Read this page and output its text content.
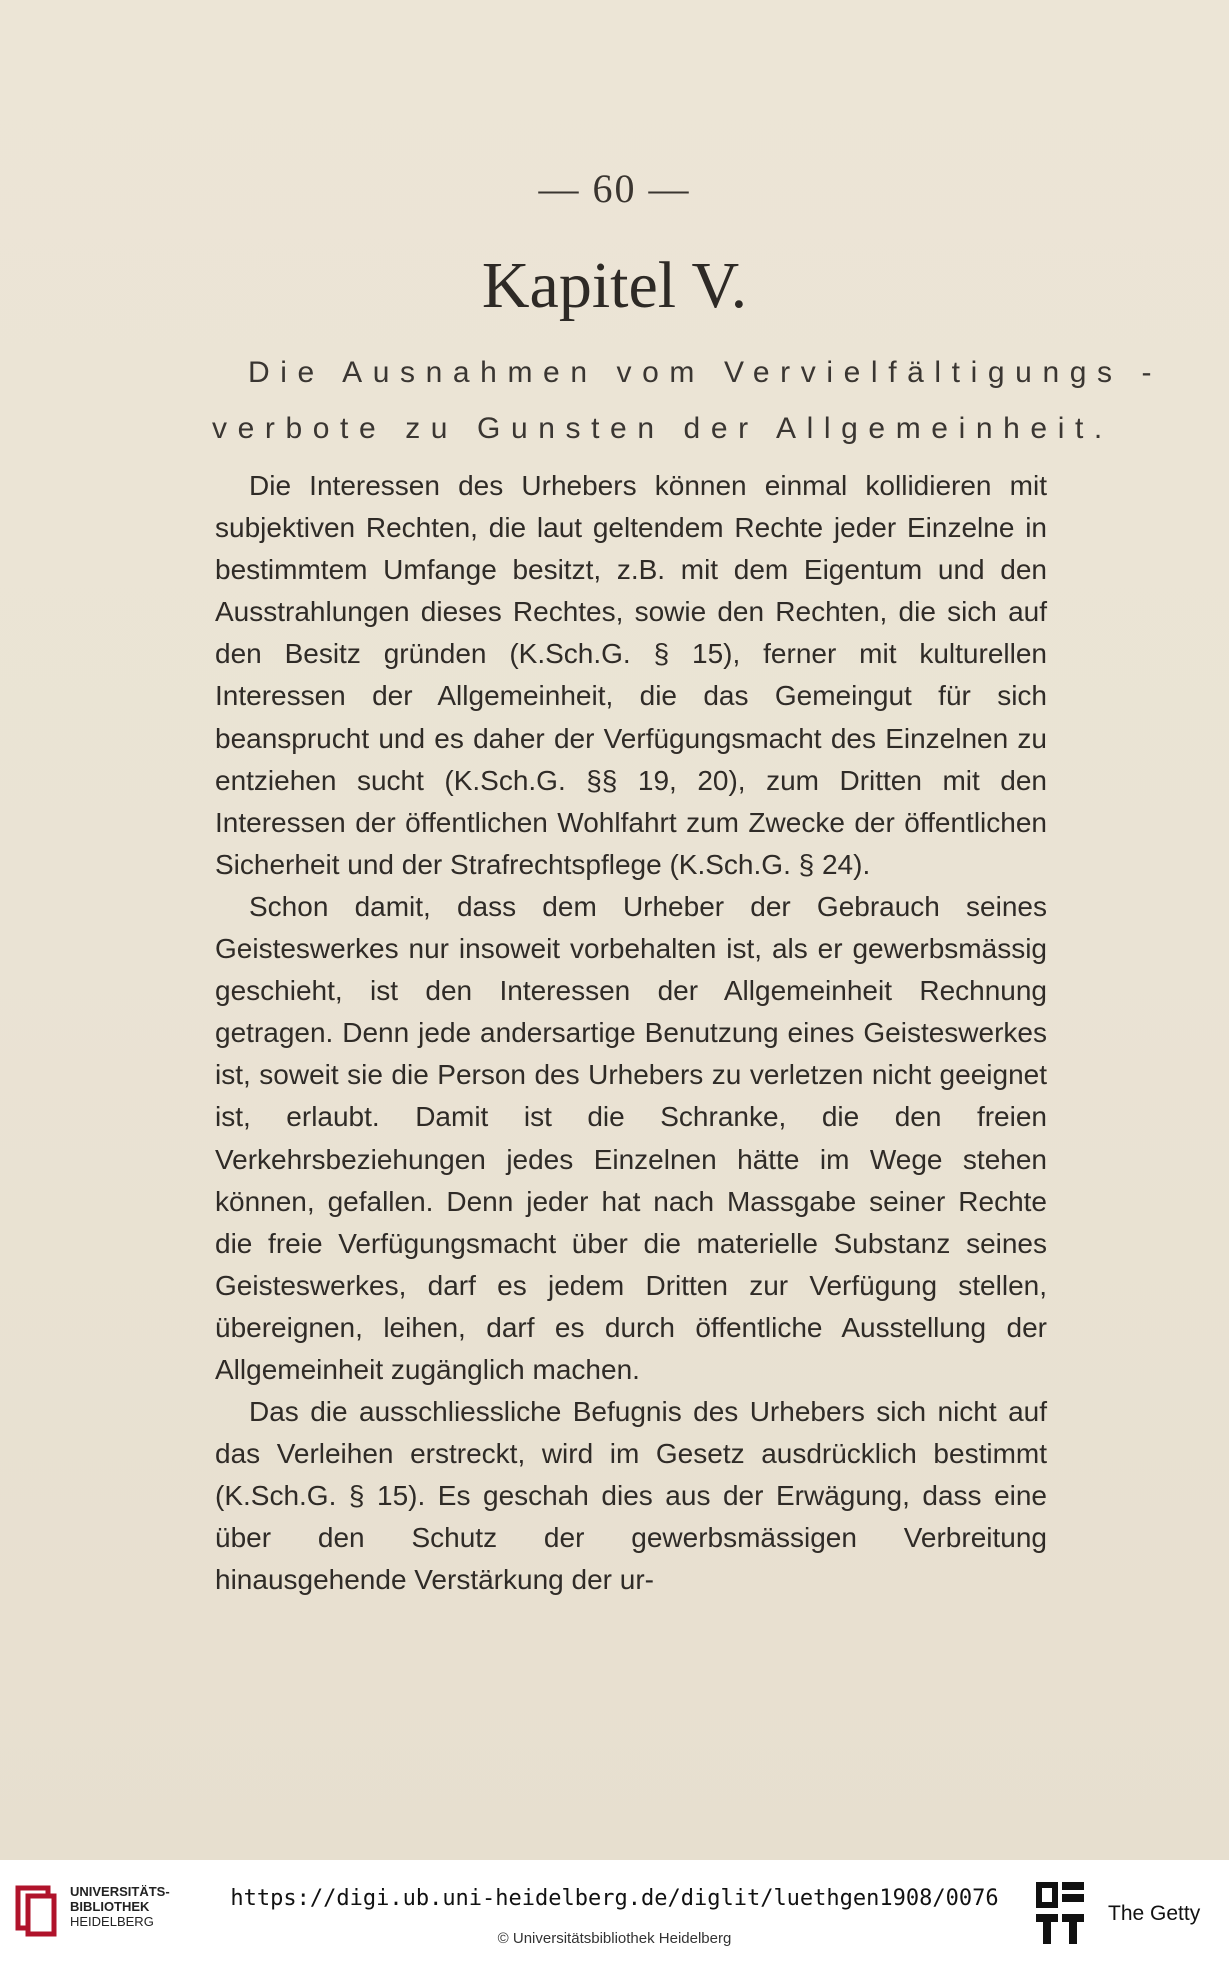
— 60 —
Kapitel V.
Die Ausnahmen vom Vervielfältigungs -
verbote zu Gunsten der Allgemeinheit.

Die Interessen des Urhebers können einmal kollidieren mit subjektiven Rechten, die laut geltendem Rechte jeder Einzelne in bestimmtem Umfange besitzt, z.B. mit dem Eigentum und den Ausstrahlungen dieses Rechtes, sowie den Rechten, die sich auf den Besitz gründen (K.Sch.G. § 15), ferner mit kulturellen Interessen der Allgemeinheit, die das Gemeingut für sich beansprucht und es daher der Verfügungsmacht des Einzelnen zu entziehen sucht (K.Sch.G. §§ 19, 20), zum Dritten mit den Interessen der öffentlichen Wohlfahrt zum Zwecke der öffentlichen Sicherheit und der Strafrechtspflege (K.Sch.G. § 24).

Schon damit, dass dem Urheber der Gebrauch seines Geisteswerkes nur insoweit vorbehalten ist, als er gewerbsmässig geschieht, ist den Interessen der Allgemeinheit Rechnung getragen. Denn jede andersartige Benutzung eines Geisteswerkes ist, soweit sie die Person des Urhebers zu verletzen nicht geeignet ist, erlaubt. Damit ist die Schranke, die den freien Verkehrsbeziehungen jedes Einzelnen hätte im Wege stehen können, gefallen. Denn jeder hat nach Massgabe seiner Rechte die freie Verfügungsmacht über die materielle Substanz seines Geisteswerkes, darf es jedem Dritten zur Verfügung stellen, übereignen, leihen, darf es durch öffentliche Ausstellung der Allgemeinheit zugänglich machen.

Das die ausschliessliche Befugnis des Urhebers sich nicht auf das Verleihen erstreckt, wird im Gesetz ausdrücklich bestimmt (K.Sch.G. § 15). Es geschah dies aus der Erwägung, dass eine über den Schutz der gewerbsmässigen Verbreitung hinausgehende Verstärkung der ur-

UNIVERSITÄTS-
BIBLIOTHEK
HEIDELBERG
https://digi.ub.uni-heidelberg.de/diglit/luethgen1908/0076
© Universitätsbibliothek Heidelberg
The Getty
